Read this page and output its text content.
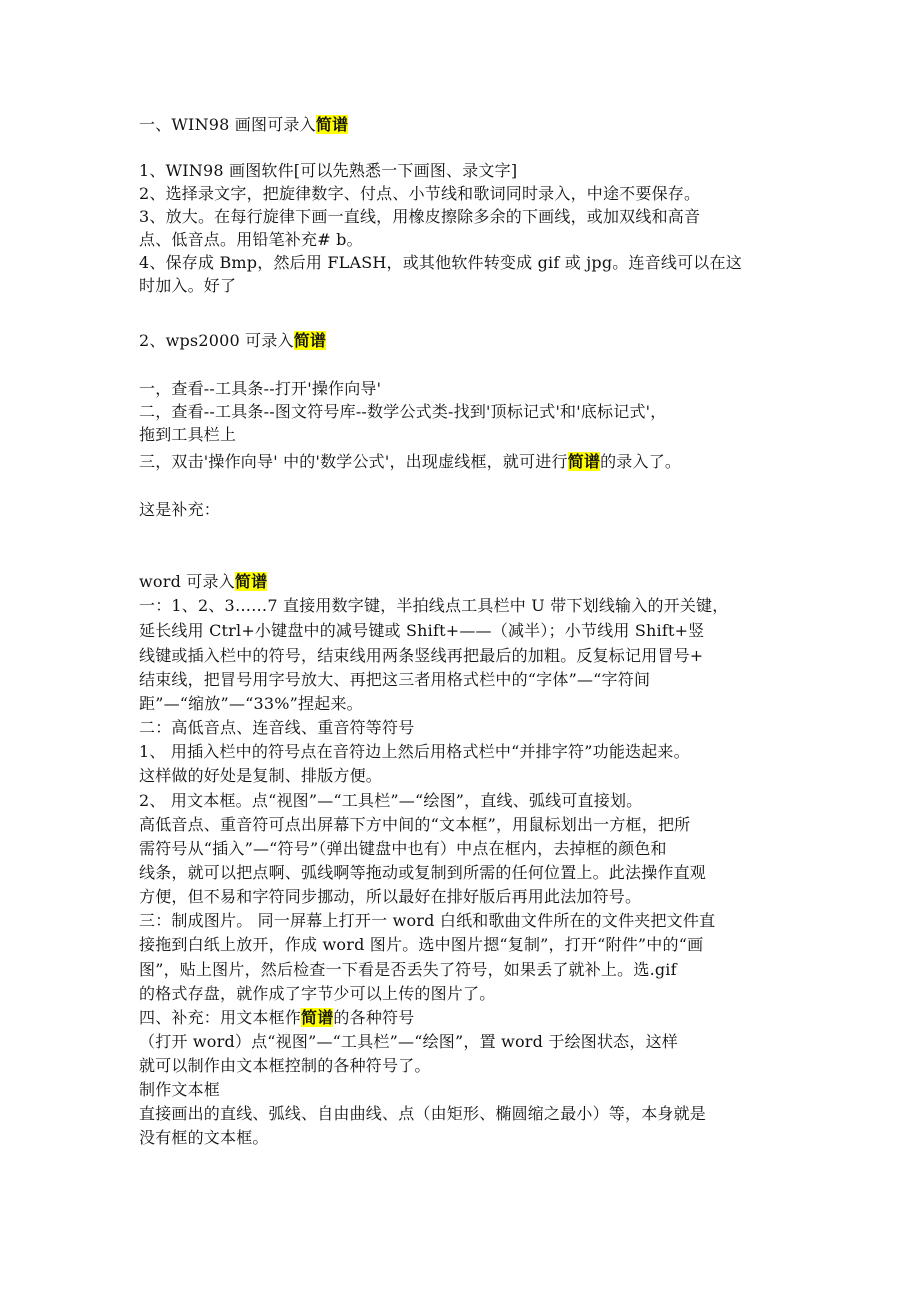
一、WIN98 画图可录入简谱
1、WIN98 画图软件[可以先熟悉一下画图、录文字]
2、选择录文字，把旋律数字、付点、小节线和歌词同时录入，中途不要保存。
3、放大。在每行旋律下画一直线，用橡皮擦除多余的下画线，或加双线和高音
点、低音点。用铅笔补充# b。
4、保存成 Bmp，然后用 FLASH，或其他软件转变成 gif 或 jpg。连音线可以在这
时加入。好了
2、wps2000 可录入简谱
一，查看--工具条--打开'操作向导'
二，查看--工具条--图文符号库--数学公式类-找到'顶标记式'和'底标记式'，
拖到工具栏上
三，双击'操作向导' 中的'数学公式'，出现虚线框，就可进行简谱的录入了。
这是补充：
word 可录入简谱
一：1、2、3……7 直接用数字键，半拍线点工具栏中 U 带下划线输入的开关键，
延长线用 Ctrl+小键盘中的减号键或 Shift+——（减半）；小节线用 Shift+竖
线键或插入栏中的符号，结束线用两条竖线再把最后的加粗。反复标记用冒号+
结束线，把冒号用字号放大、再把这三者用格式栏中的“字体”—“字符间
距”—“缩放”—“33%”捏起来。
二：高低音点、连音线、重音符等符号
1、 用插入栏中的符号点在音符边上然后用格式栏中“并排字符”功能迭起来。
这样做的好处是复制、排版方便。
2、 用文本框。点“视图”—“工具栏”—“绘图”，直线、弧线可直接划。
高低音点、重音符可点出屏幕下方中间的“文本框”，用鼠标划出一方框，把所
需符号从“插入”—“符号”（弹出键盘中也有）中点在框内，去掉框的颜色和
线条，就可以把点啊、弧线啊等拖动或复制到所需的任何位置上。此法操作直观
方便，但不易和字符同步挪动，所以最好在排好版后再用此法加符号。
三：制成图片。 同一屏幕上打开一 word 白纸和歌曲文件所在的文件夹把文件直
接拖到白纸上放开，作成 word 图片。选中图片摁“复制”，打开“附件”中的“画
图”，贴上图片，然后检查一下看是否丢失了符号，如果丢了就补上。选.gif
的格式存盘，就作成了字节少可以上传的图片了。
四、补充：用文本框作简谱的各种符号
（打开 word）点“视图”—“工具栏”—“绘图”，置 word 于绘图状态，这样
就可以制作由文本框控制的各种符号了。
制作文本框
直接画出的直线、弧线、自由曲线、点（由矩形、椭圆缩之最小）等，本身就是
没有框的文本框。
